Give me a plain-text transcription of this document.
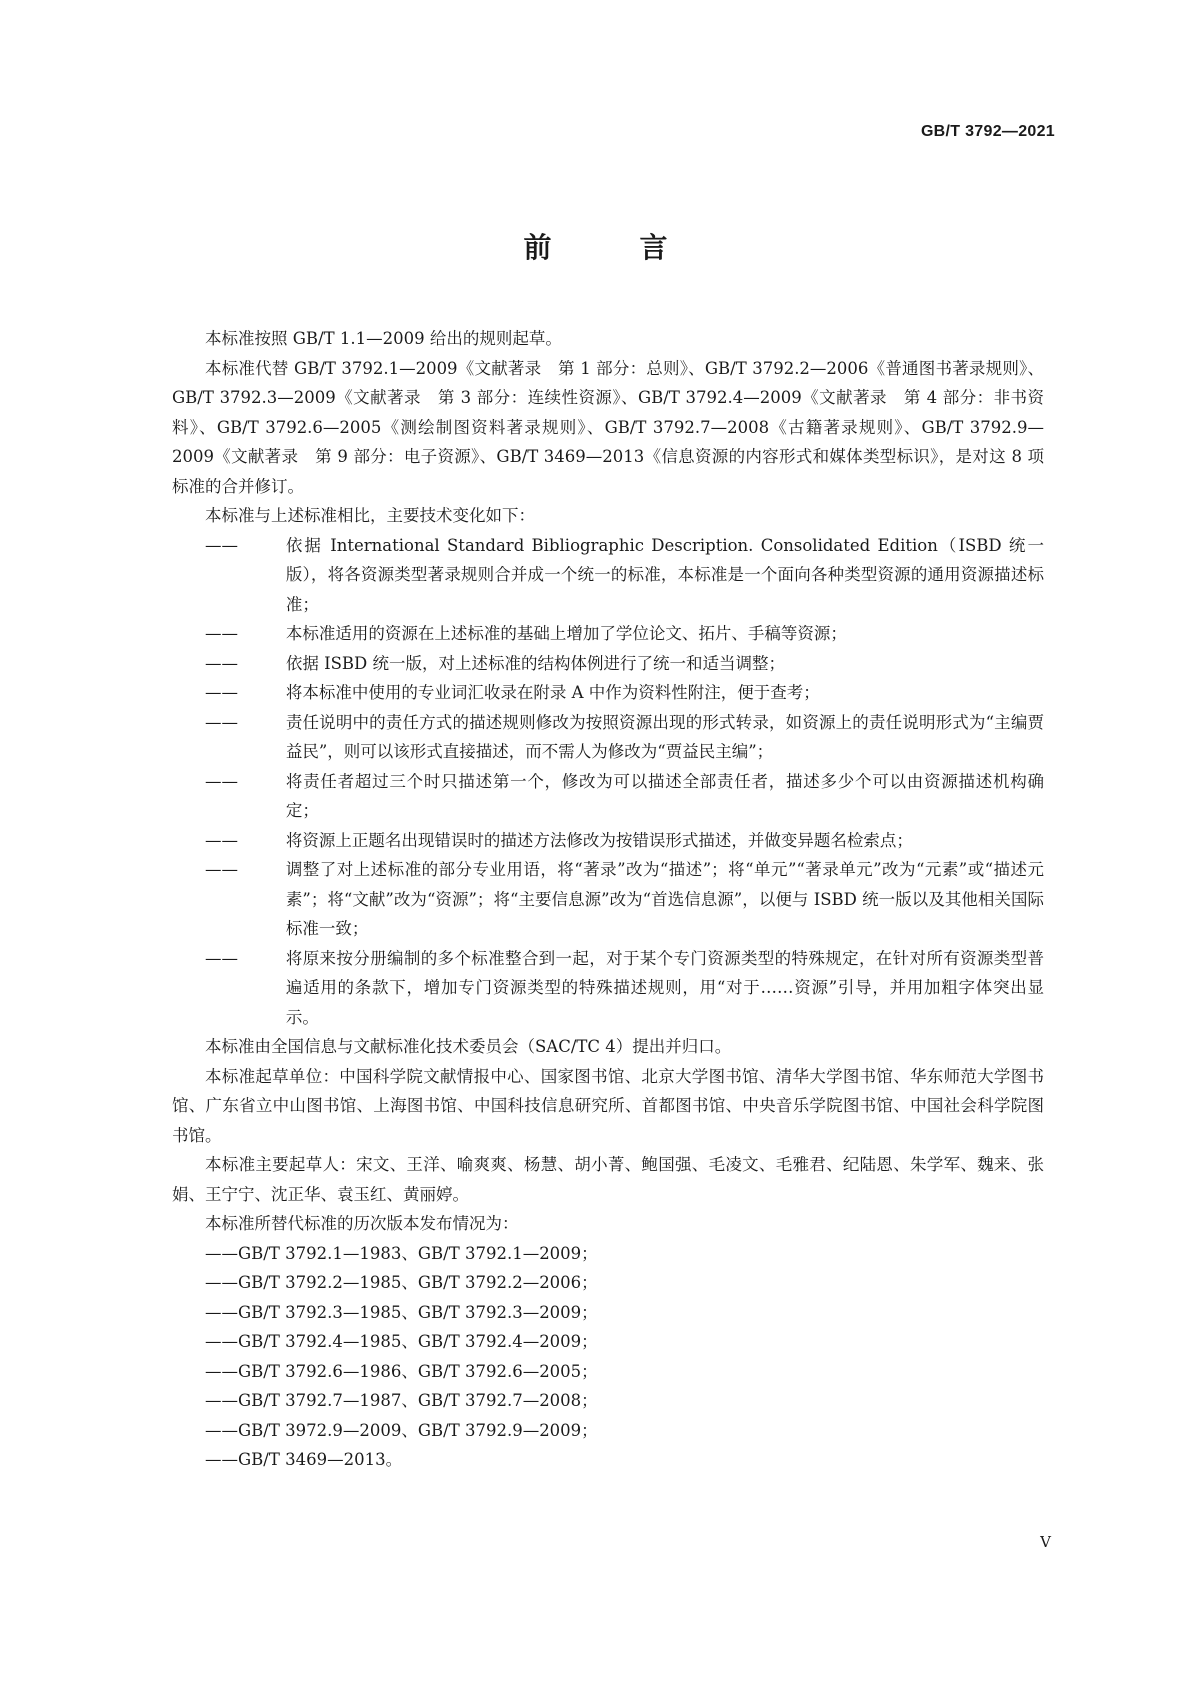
GB/T 3792—2021

前　言

本标准按照 GB/T 1.1—2009 给出的规则起草。

本标准代替 GB/T 3792.1—2009《文献著录　第 1 部分：总则》、GB/T 3792.2—2006《普通图书著录规则》、GB/T 3792.3—2009《文献著录　第 3 部分：连续性资源》、GB/T 3792.4—2009《文献著录　第 4 部分：非书资料》、GB/T 3792.6—2005《测绘制图资料著录规则》、GB/T 3792.7—2008《古籍著录规则》、GB/T 3792.9—2009《文献著录　第 9 部分：电子资源》、GB/T 3469—2013《信息资源的内容形式和媒体类型标识》，是对这 8 项标准的合并修订。

本标准与上述标准相比，主要技术变化如下：

——	依据 International Standard Bibliographic Description. Consolidated Edition（ISBD 统一版），将各资源类型著录规则合并成一个统一的标准，本标准是一个面向各种类型资源的通用资源描述标准；
——	本标准适用的资源在上述标准的基础上增加了学位论文、拓片、手稿等资源；
——	依据 ISBD 统一版，对上述标准的结构体例进行了统一和适当调整；
——	将本标准中使用的专业词汇收录在附录 A 中作为资料性附注，便于查考；
——	责任说明中的责任方式的描述规则修改为按照资源出现的形式转录，如资源上的责任说明形式为“主编贾益民”，则可以该形式直接描述，而不需人为修改为“贾益民主编”；
——	将责任者超过三个时只描述第一个，修改为可以描述全部责任者，描述多少个可以由资源描述机构确定；
——	将资源上正题名出现错误时的描述方法修改为按错误形式描述，并做变异题名检索点；
——	调整了对上述标准的部分专业用语，将“著录”改为“描述”；将“单元”“著录单元”改为“元素”或“描述元素”；将“文献”改为“资源”；将“主要信息源”改为“首选信息源”，以便与 ISBD 统一版以及其他相关国际标准一致；
——	将原来按分册编制的多个标准整合到一起，对于某个专门资源类型的特殊规定，在针对所有资源类型普遍适用的条款下，增加专门资源类型的特殊描述规则，用“对于……资源”引导，并用加粗字体突出显示。

本标准由全国信息与文献标准化技术委员会（SAC/TC 4）提出并归口。

本标准起草单位：中国科学院文献情报中心、国家图书馆、北京大学图书馆、清华大学图书馆、华东师范大学图书馆、广东省立中山图书馆、上海图书馆、中国科技信息研究所、首都图书馆、中央音乐学院图书馆、中国社会科学院图书馆。

本标准主要起草人：宋文、王洋、喻爽爽、杨慧、胡小菁、鲍国强、毛凌文、毛雅君、纪陆恩、朱学军、魏来、张娟、王宁宁、沈正华、袁玉红、黄丽婷。

本标准所替代标准的历次版本发布情况为：

——GB/T 3792.1—1983、GB/T 3792.1—2009；
——GB/T 3792.2—1985、GB/T 3792.2—2006；
——GB/T 3792.3—1985、GB/T 3792.3—2009；
——GB/T 3792.4—1985、GB/T 3792.4—2009；
——GB/T 3792.6—1986、GB/T 3792.6—2005；
——GB/T 3792.7—1987、GB/T 3792.7—2008；
——GB/T 3972.9—2009、GB/T 3792.9—2009；
——GB/T 3469—2013。

V
